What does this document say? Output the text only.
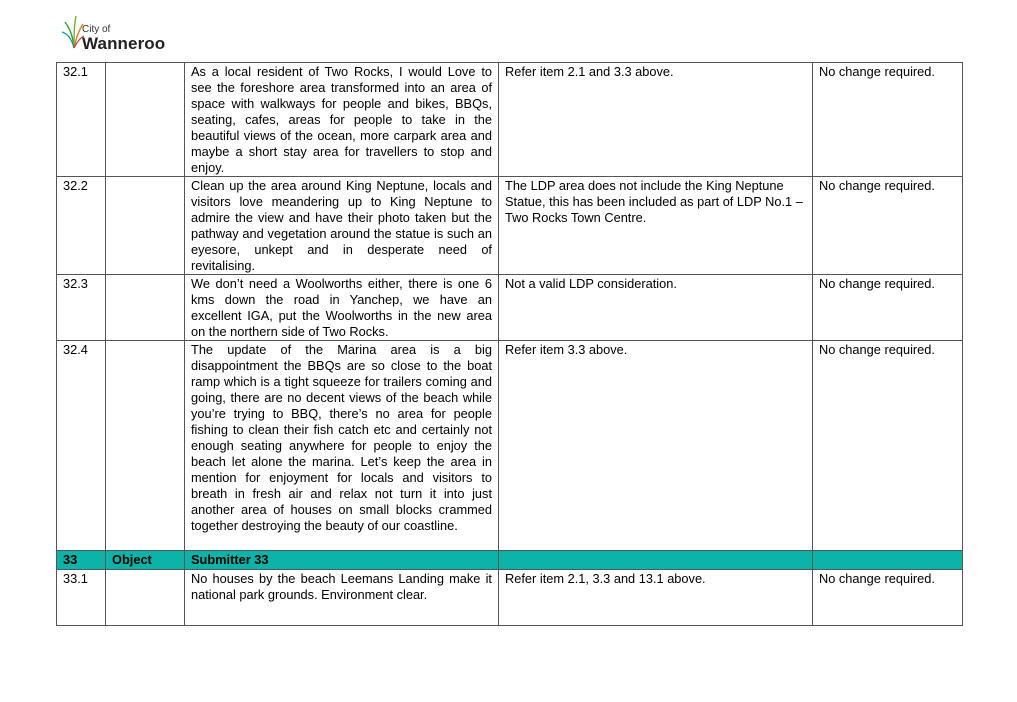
City of
Wanneroo
32.1		As a local resident of Two Rocks, I would Love to see the foreshore area transformed into an area of space with walkways for people and bikes, BBQs, seating, cafes, areas for people to take in the beautiful views of the ocean, more carpark area and maybe a short stay area for travellers to stop and enjoy.	Refer item 2.1 and 3.3 above.	No change required.
32.2		Clean up the area around King Neptune, locals and visitors love meandering up to King Neptune to admire the view and have their photo taken but the pathway and vegetation around the statue is such an eyesore, unkept and in desperate need of revitalising.	The LDP area does not include the King Neptune Statue, this has been included as part of LDP No.1 – Two Rocks Town Centre.	No change required.
32.3		We don’t need a Woolworths either, there is one 6 kms down the road in Yanchep, we have an excellent IGA, put the Woolworths in the new area on the northern side of Two Rocks.	Not a valid LDP consideration.	No change required.
32.4		The update of the Marina area is a big disappointment the BBQs are so close to the boat ramp which is a tight squeeze for trailers coming and going, there are no decent views of the beach while you’re trying to BBQ, there’s no area for people fishing to clean their fish catch etc and certainly not enough seating anywhere for people to enjoy the beach let alone the marina. Let’s keep the area in mention for enjoyment for locals and visitors to breath in fresh air and relax not turn it into just another area of houses on small blocks crammed together destroying the beauty of our coastline.	Refer item 3.3 above.	No change required.
33	Object	Submitter 33		
33.1		No houses by the beach Leemans Landing make it national park grounds. Environment clear.	Refer item 2.1, 3.3 and 13.1 above.	No change required.
